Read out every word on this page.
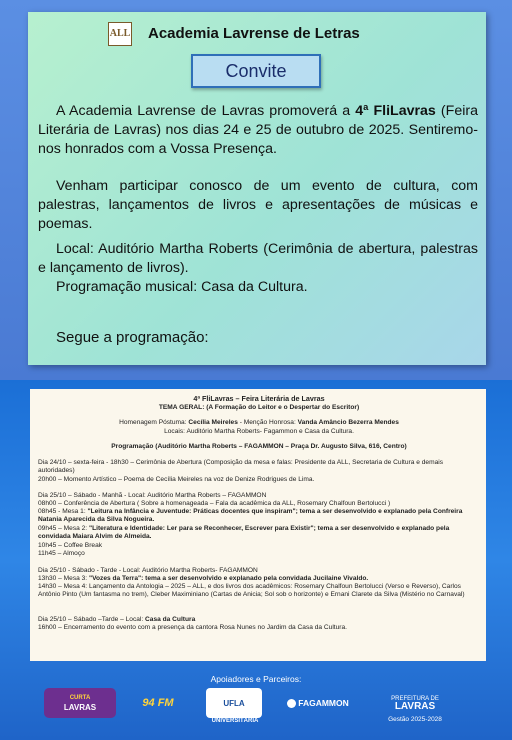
ALL Academia Lavrense de Letras
Convite
A Academia Lavrense de Lavras promoverá a 4ª FliLavras (Feira Literária de Lavras) nos dias 24 e 25 de outubro de 2025. Sentiremo-nos honrados com a Vossa Presença.
Venham participar conosco de um evento de cultura, com palestras, lançamentos de livros e apresentações de músicas e poemas.
Local: Auditório Martha Roberts (Cerimônia de abertura, palestras e lançamento de livros).
Programação musical: Casa da Cultura.
Segue a programação:
4ª FliLavras – Feira Literária de Lavras
TEMA GERAL: (A Formação do Leitor e o Despertar do Escritor)
Homenagem Póstuma: Cecília Meireles - Menção Honrosa: Vanda Amâncio Bezerra Mendes
Locais: Auditório Martha Roberts- Fagammon e Casa da Cultura.
Programação (Auditório Martha Roberts – FAGAMMON – Praça Dr. Augusto Silva, 616, Centro)
Dia 24/10 – sexta-feira - 18h30 – Cerimônia de Abertura (Composição da mesa e falas: Presidente da ALL, Secretaria de Cultura e demais autoridades)
20h00 – Momento Artístico – Poema de Cecília Meireles na voz de Denize Rodrigues de Lima.
Dia 25/10 – Sábado - Manhã - Local: Auditório Martha Roberts – FAGAMMON
08h00 – Conferência de Abertura ( Sobre a homenageada – Fala da acadêmica da ALL, Rosemary Chalfoun Bertolucci )
08h45 - Mesa 1: "Leitura na Infância e Juventude: Práticas docentes que inspiram"; tema a ser desenvolvido e explanado pela Confreira Natania Aparecida da Silva Nogueira.
09h45 – Mesa 2: "Literatura e Identidade: Ler para se Reconhecer, Escrever para Existir"; tema a ser desenvolvido e explanado pela convidada Maiara Alvim de Almeida.
10h45 – Coffee Break
11h45 – Almoço
Dia 25/10 - Sábado - Tarde - Local: Auditório Martha Roberts- FAGAMMON
13h30 – Mesa 3: "Vozes da Terra": tema a ser desenvolvido e explanado pela convidada Jucilaine Vivaldo.
14h30 – Mesa 4: Lançamento da Antologia – 2025 – ALL, e dos livros dos acadêmicos: Rosemary Chalfoun Bertolucci (Verso e Reverso), Carlos Antônio Pinto (Um fantasma no trem), Cleber Maximiniano (Cartas de Anicia; Sol sob o horizonte) e Ernani Clarete da Silva (Mistério no Carnaval)
Dia 25/10 – Sábado –Tarde – Local: Casa da Cultura
16h00 – Encerramento do evento com a presença da cantora Rosa Nunes no Jardim da Casa da Cultura.
Apoiadores e Parceiros:
CURTA
LAVRAS	94 FM	UFLA
UNIVERSITÁRIA
FAGAMMON	PREFEITURA DE
LAVRAS
Gestão 2025-2028
